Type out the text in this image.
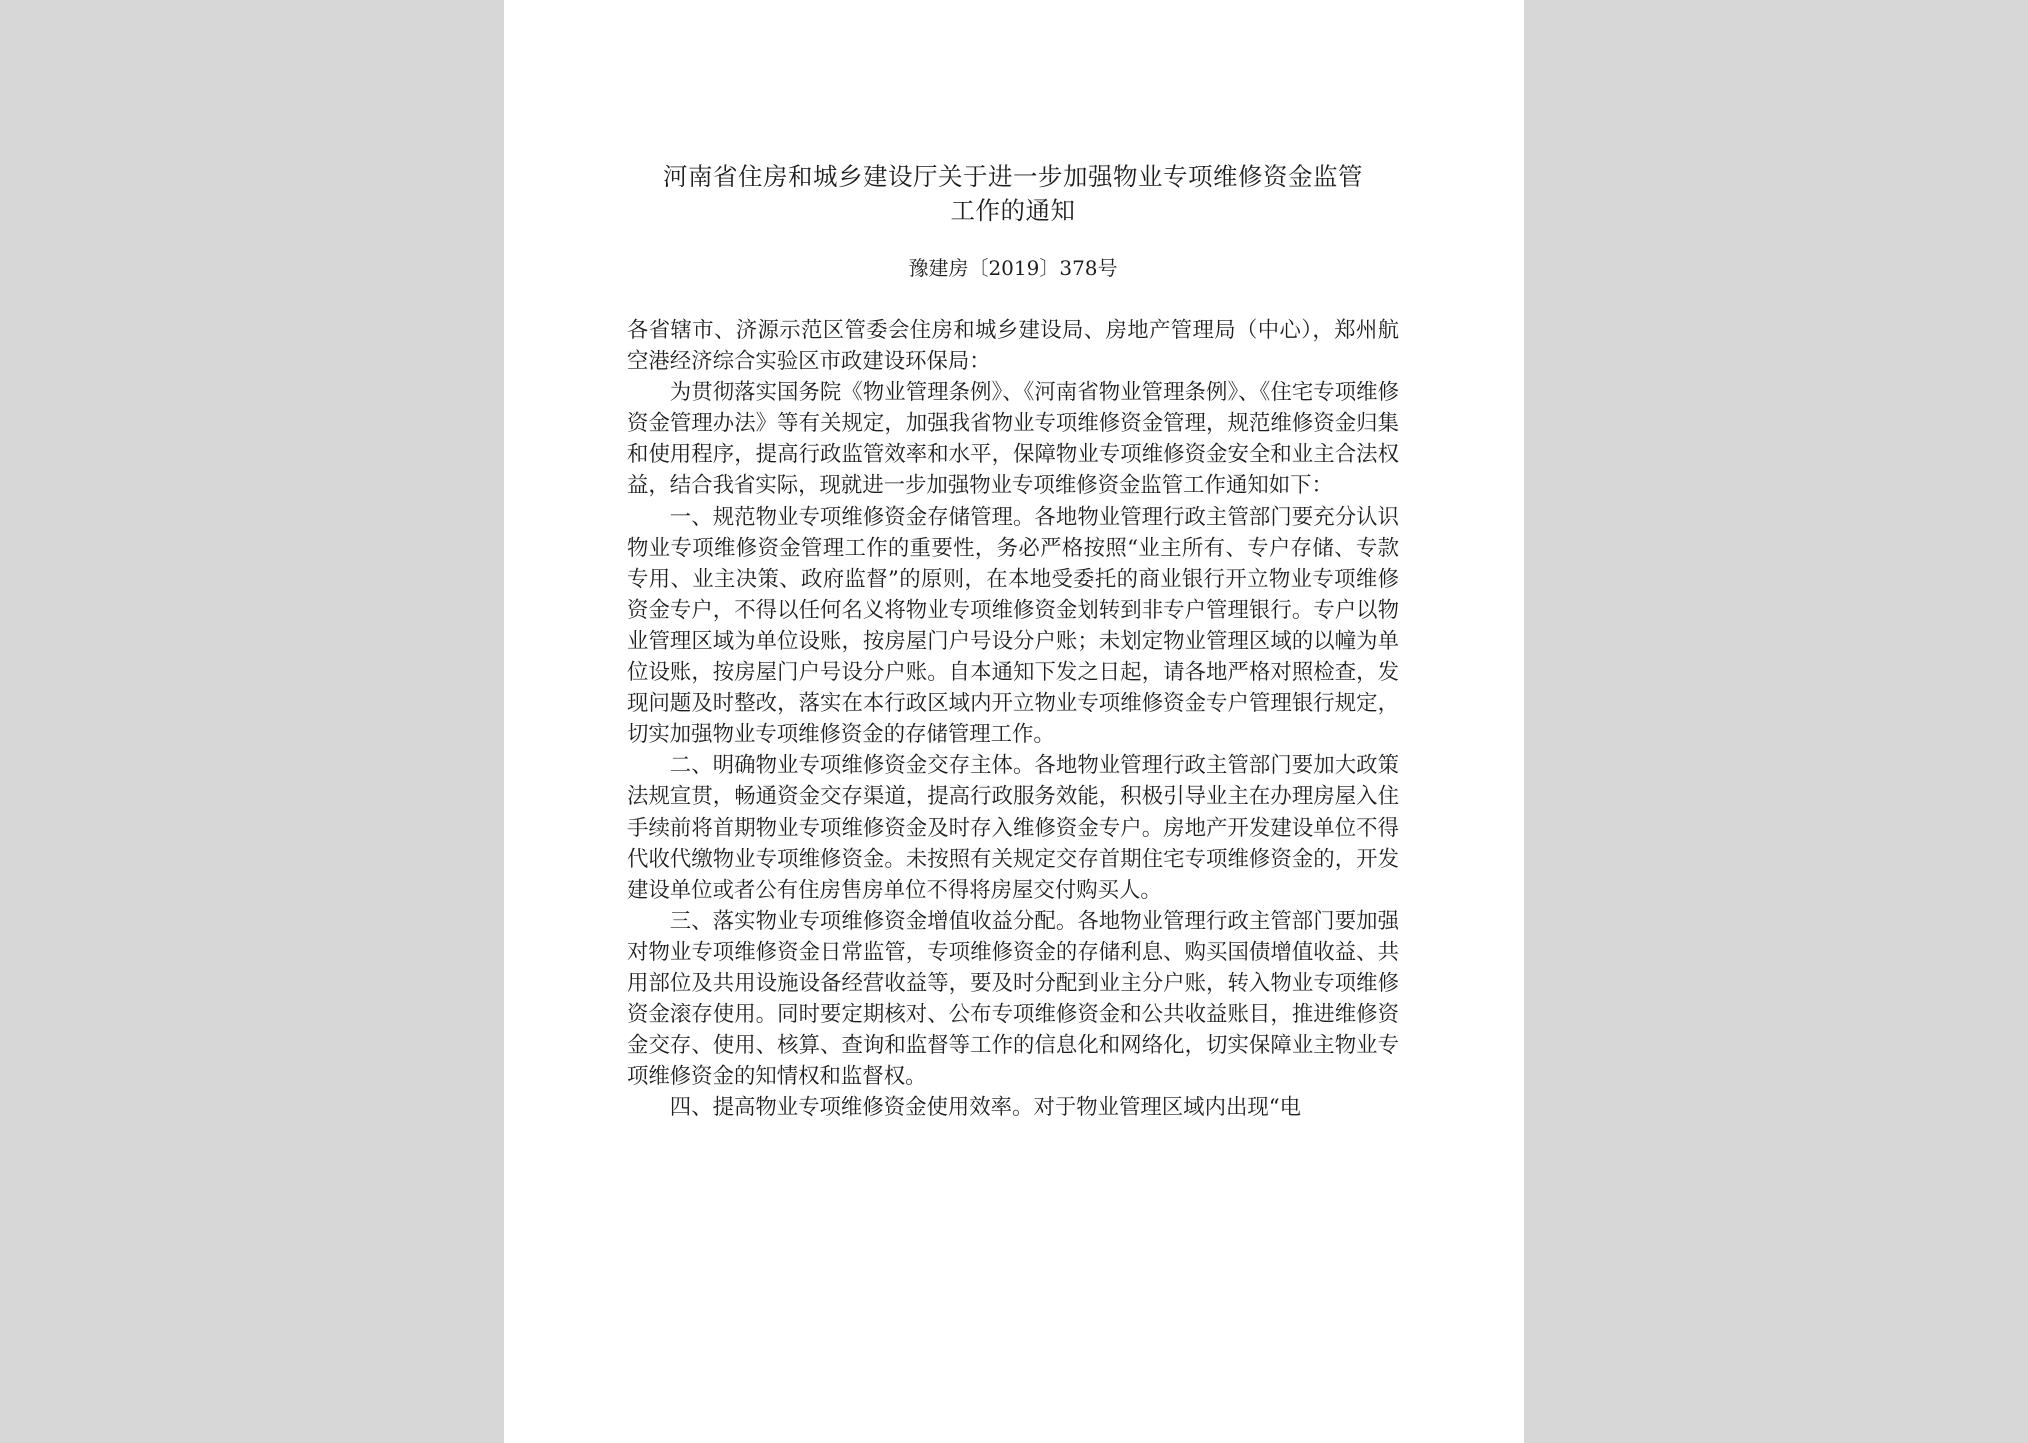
河南省住房和城乡建设厅关于进一步加强物业专项维修资金监管
工作的通知
豫建房〔2019〕378号

各省辖市、济源示范区管委会住房和城乡建设局、房地产管理局（中心），郑州航空港经济综合实验区市政建设环保局：

为贯彻落实国务院《物业管理条例》、《河南省物业管理条例》、《住宅专项维修资金管理办法》等有关规定，加强我省物业专项维修资金管理，规范维修资金归集和使用程序，提高行政监管效率和水平，保障物业专项维修资金安全和业主合法权益，结合我省实际，现就进一步加强物业专项维修资金监管工作通知如下：

一、规范物业专项维修资金存储管理。各地物业管理行政主管部门要充分认识物业专项维修资金管理工作的重要性，务必严格按照“业主所有、专户存储、专款专用、业主决策、政府监督”的原则，在本地受委托的商业银行开立物业专项维修资金专户，不得以任何名义将物业专项维修资金划转到非专户管理银行。专户以物业管理区域为单位设账，按房屋门户号设分户账；未划定物业管理区域的以幢为单位设账，按房屋门户号设分户账。自本通知下发之日起，请各地严格对照检查，发现问题及时整改，落实在本行政区域内开立物业专项维修资金专户管理银行规定，切实加强物业专项维修资金的存储管理工作。

二、明确物业专项维修资金交存主体。各地物业管理行政主管部门要加大政策法规宣贯，畅通资金交存渠道，提高行政服务效能，积极引导业主在办理房屋入住手续前将首期物业专项维修资金及时存入维修资金专户。房地产开发建设单位不得代收代缴物业专项维修资金。未按照有关规定交存首期住宅专项维修资金的，开发建设单位或者公有住房售房单位不得将房屋交付购买人。

三、落实物业专项维修资金增值收益分配。各地物业管理行政主管部门要加强对物业专项维修资金日常监管，专项维修资金的存储利息、购买国债增值收益、共用部位及共用设施设备经营收益等，要及时分配到业主分户账，转入物业专项维修资金滚存使用。同时要定期核对、公布专项维修资金和公共收益账目，推进维修资金交存、使用、核算、查询和监督等工作的信息化和网络化，切实保障业主物业专项维修资金的知情权和监督权。

四、提高物业专项维修资金使用效率。对于物业管理区域内出现“电
